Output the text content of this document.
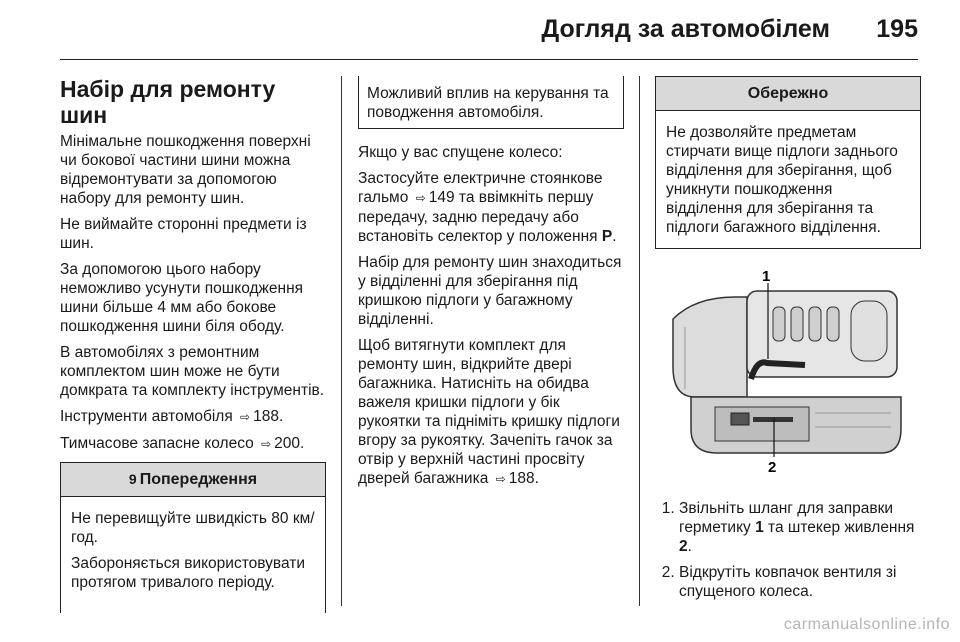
Догляд за автомобілем 195
Набір для ремонту шин

Мінімальне пошкодження поверхні чи бокової частини шини можна відремонтувати за допомогою набору для ремонту шин.

Не виймайте сторонні предмети із шин.

За допомогою цього набору неможливо усунути пошкодження шини більше 4 мм або бокове пошкодження шини біля ободу.

В автомобілях з ремонтним комплектом шин може не бути домкрата та комплекту інструментів.

Інструменти автомобіля ⇨ 188.

Тимчасове запасне колесо ⇨ 200.

9 Попередження

Не перевищуйте швидкість 80 км/год.

Забороняється використовувати протягом тривалого періоду.

Можливий вплив на керування та поводження автомобіля.

Якщо у вас спущене колесо:

Застосуйте електричне стоянкове гальмо ⇨ 149 та ввімкніть першу передачу, задню передачу або встановіть селектор у положення P.

Набір для ремонту шин знаходиться у відділенні для зберігання під кришкою підлоги у багажному відділенні.

Щоб витягнути комплект для ремонту шин, відкрийте двері багажника. Натисніть на обидва важеля кришки підлоги у бік рукоятки та підніміть кришку підлоги вгору за рукоятку. Зачепіть гачок за отвір у верхній частині просвіту дверей багажника ⇨ 188.

Обережно

Не дозволяйте предметам стирчати вище підлоги заднього відділення для зберігання, щоб уникнути пошкодження відділення для зберігання та підлоги багажного відділення.

1
2
1. Звільніть шланг для заправки герметику 1 та штекер живлення 2.
2. Відкрутіть ковпачок вентиля зі спущеного колеса.
carmanualsonline.info
